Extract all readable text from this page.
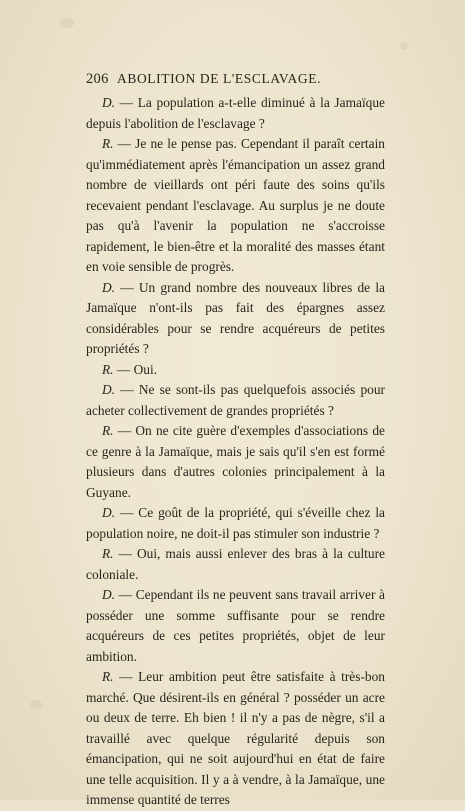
206 ABOLITION DE L'ESCLAVAGE.

D. — La population a-t-elle diminué à la Jamaïque depuis l'abolition de l'esclavage ?

R. — Je ne le pense pas. Cependant il paraît certain qu'immédiatement après l'émancipation un assez grand nombre de vieillards ont péri faute des soins qu'ils recevaient pendant l'esclavage. Au surplus je ne doute pas qu'à l'avenir la population ne s'accroisse rapidement, le bien-être et la moralité des masses étant en voie sensible de progrès.

D. — Un grand nombre des nouveaux libres de la Jamaïque n'ont-ils pas fait des épargnes assez considérables pour se rendre acquéreurs de petites propriétés ?

R. — Oui.

D. — Ne se sont-ils pas quelquefois associés pour acheter collectivement de grandes propriétés ?

R. — On ne cite guère d'exemples d'associations de ce genre à la Jamaïque, mais je sais qu'il s'en est formé plusieurs dans d'autres colonies principalement à la Guyane.

D. — Ce goût de la propriété, qui s'éveille chez la population noire, ne doit-il pas stimuler son industrie ?

R. — Oui, mais aussi enlever des bras à la culture coloniale.

D. — Cependant ils ne peuvent sans travail arriver à posséder une somme suffisante pour se rendre acquéreurs de ces petites propriétés, objet de leur ambition.

R. — Leur ambition peut être satisfaite à très-bon marché. Que désirent-ils en général ? posséder un acre ou deux de terre. Eh bien ! il n'y a pas de nègre, s'il a travaillé avec quelque régularité depuis son émancipation, qui ne soit aujourd'hui en état de faire une telle acquisition. Il y a à vendre, à la Jamaïque, une immense quantité de terres
